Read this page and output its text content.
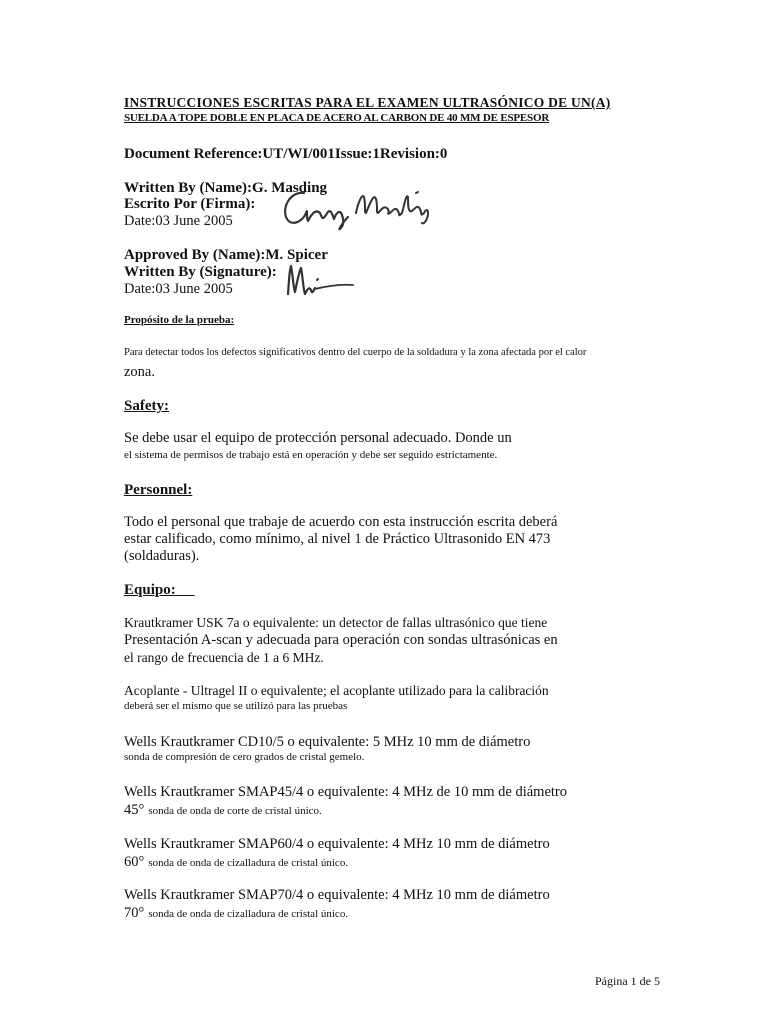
INSTRUCCIONES ESCRITAS PARA EL EXAMEN ULTRASÓNICO DE UN(A)
SUELDA A TOPE DOBLE EN PLACA DE ACERO AL CARBON DE 40 MM DE ESPESOR
Document Reference:UT/WI/001Issue:1Revision:0
Written By (Name):G. Masding
Escrito Por (Firma):
Date:03 June 2005
Approved By (Name):M. Spicer
Written By (Signature):
Date:03 June 2005
Propósito de la prueba:
Para detectar todos los defectos significativos dentro del cuerpo de la soldadura y la zona afectada por el calor
zona.
Safety:
Se debe usar el equipo de protección personal adecuado. Donde un
el sistema de permisos de trabajo está en operación y debe ser seguido estrictamente.
Personnel:
Todo el personal que trabaje de acuerdo con esta instrucción escrita deberá
estar calificado, como mínimo, al nivel 1 de Práctico Ultrasonido EN 473
(soldaduras).
Equipo:
Krautkramer USK 7a o equivalente: un detector de fallas ultrasónico que tiene
Presentación A-scan y adecuada para operación con sondas ultrasónicas en
el rango de frecuencia de 1 a 6 MHz.
Acoplante - Ultragel II o equivalente; el acoplante utilizado para la calibración
deberá ser el mismo que se utilizó para las pruebas
Wells Krautkramer CD10/5 o equivalente: 5 MHz 10 mm de diámetro
sonda de compresión de cero grados de cristal gemelo.
Wells Krautkramer SMAP45/4 o equivalente: 4 MHz de 10 mm de diámetro
45° sonda de onda de corte de cristal único.
Wells Krautkramer SMAP60/4 o equivalente: 4 MHz 10 mm de diámetro
60° sonda de onda de cizalladura de cristal único.
Wells Krautkramer SMAP70/4 o equivalente: 4 MHz 10 mm de diámetro
70° sonda de onda de cizalladura de cristal único.
Página 1 de 5
